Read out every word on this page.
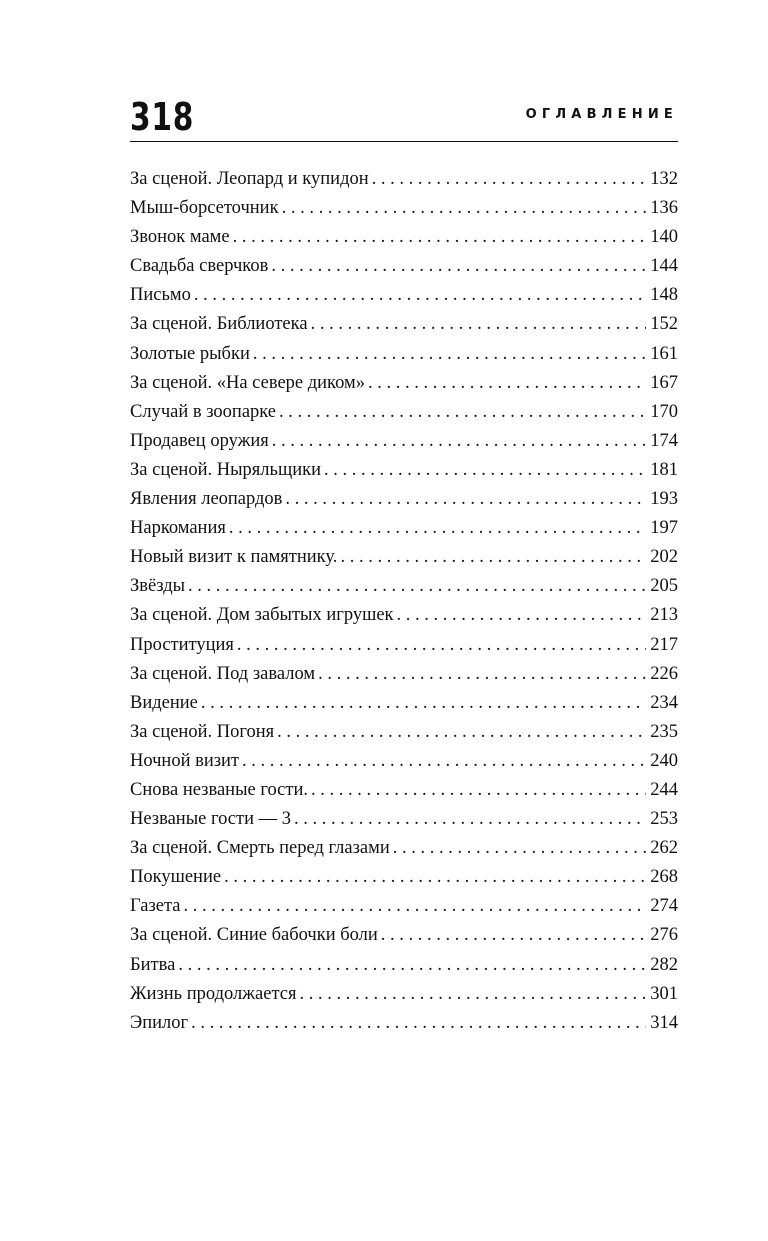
318	ОГЛАВЛЕНИЕ
За сценой. Леопард и купидон . . .	132
Мыш-борсеточник . . .	136
Звонок маме . . .	140
Свадьба сверчков . . .	144
Письмо . . .	148
За сценой. Библиотека . . .	152
Золотые рыбки . . .	161
За сценой. «На севере диком» . . .	167
Случай в зоопарке . . .	170
Продавец оружия . . .	174
За сценой. Ныряльщики . . .	181
Явления леопардов . . .	193
Наркомания . . .	197
Новый визит к памятнику. . . .	202
Звёзды . . .	205
За сценой. Дом забытых игрушек . . .	213
Проституция . . .	217
За сценой. Под завалом . . .	226
Видение . . .	234
За сценой. Погоня . . .	235
Ночной визит . . .	240
Снова незваные гости. . . .	244
Незваные гости — 3 . . .	253
За сценой. Смерть перед глазами . . .	262
Покушение . . .	268
Газета . . .	274
За сценой. Синие бабочки боли . . .	276
Битва . . .	282
Жизнь продолжается . . .	301
Эпилог . . .	314
